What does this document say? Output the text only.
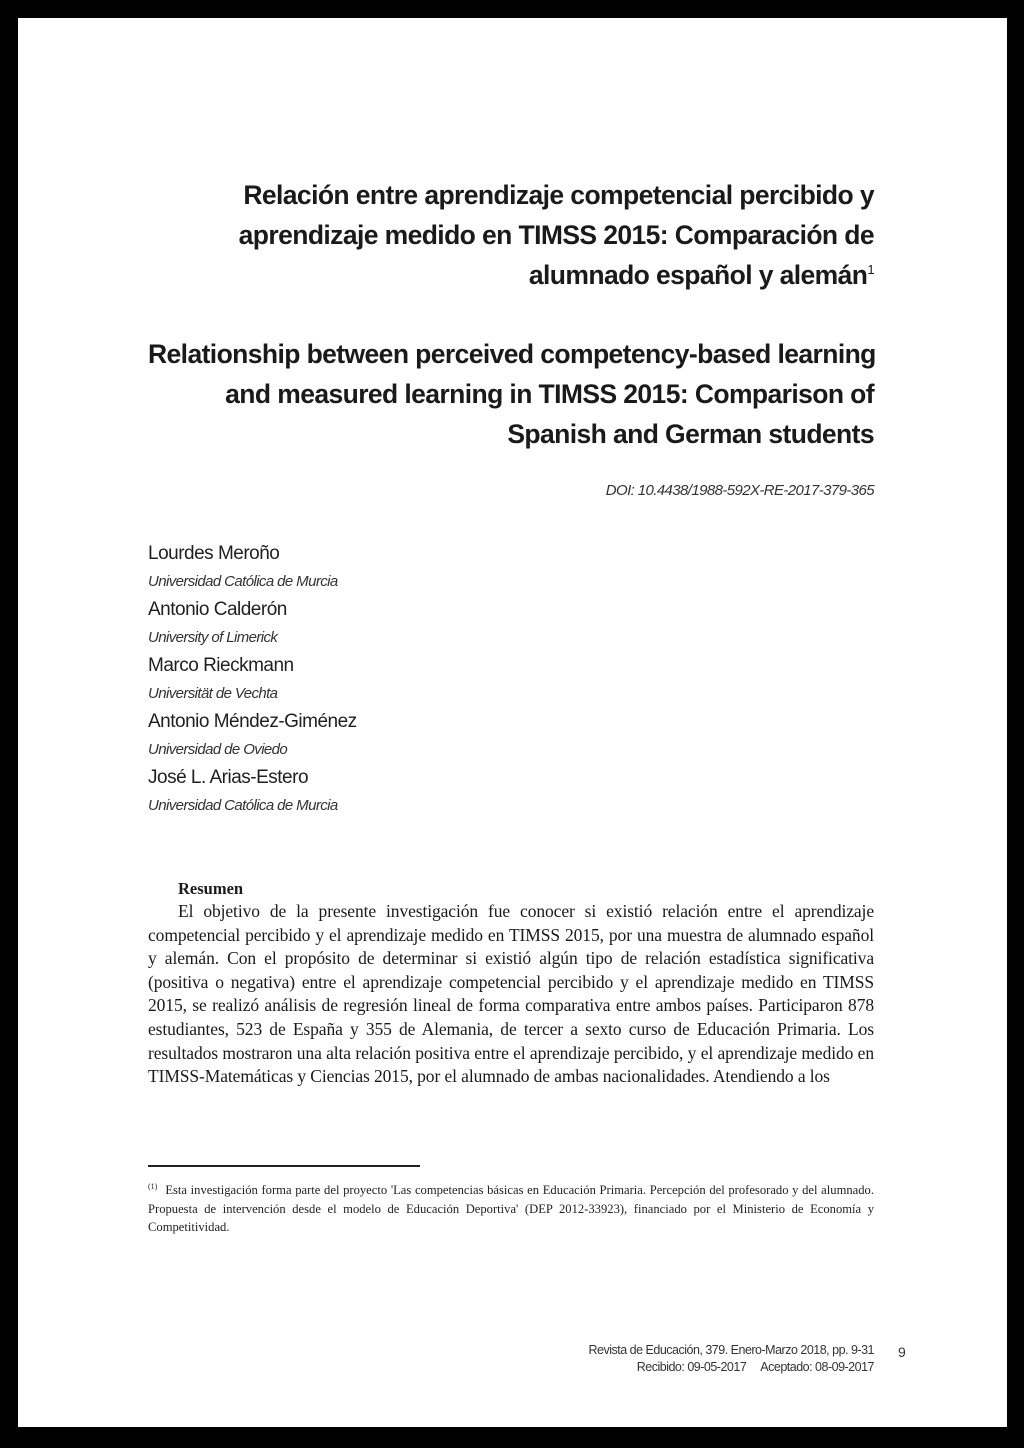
Relación entre aprendizaje competencial percibido y
aprendizaje medido en TIMSS 2015: Comparación de
alumnado español y alemán$^1$
Relationship between perceived competency-based learning
and measured learning in TIMSS 2015: Comparison of
Spanish and German students
DOI: 10.4438/1988-592X-RE-2017-379-365
Lourdes Meroño
Universidad Católica de Murcia
Antonio Calderón
University of Limerick
Marco Rieckmann
Universität de Vechta
Antonio Méndez-Giménez
Universidad de Oviedo
José L. Arias-Estero
Universidad Católica de Murcia
Resumen

El objetivo de la presente investigación fue conocer si existió relación entre el aprendizaje competencial percibido y el aprendizaje medido en TIMSS 2015, por una muestra de alumnado español y alemán. Con el propósito de determinar si existió algún tipo de relación estadística significativa (positiva o negativa) entre el aprendizaje competencial percibido y el aprendizaje medido en TIMSS 2015, se realizó análisis de regresión lineal de forma comparativa entre ambos países. Participaron 878 estudiantes, 523 de España y 355 de Alemania, de tercer a sexto curso de Educación Primaria. Los resultados mostraron una alta relación positiva entre el aprendizaje percibido, y el aprendizaje medido en TIMSS-Matemáticas y Ciencias 2015, por el alumnado de ambas nacionalidades. Atendiendo a los

$^{(1)}$ Esta investigación forma parte del proyecto 'Las competencias básicas en Educación Primaria. Percepción del profesorado y del alumnado. Propuesta de intervención desde el modelo de Educación Deportiva' (DEP 2012-33923), financiado por el Ministerio de Economía y Competitividad.
Revista de Educación, 379. Enero-Marzo 2018, pp. 9-31
Recibido: 09-05-2017 Aceptado: 08-09-2017
9
